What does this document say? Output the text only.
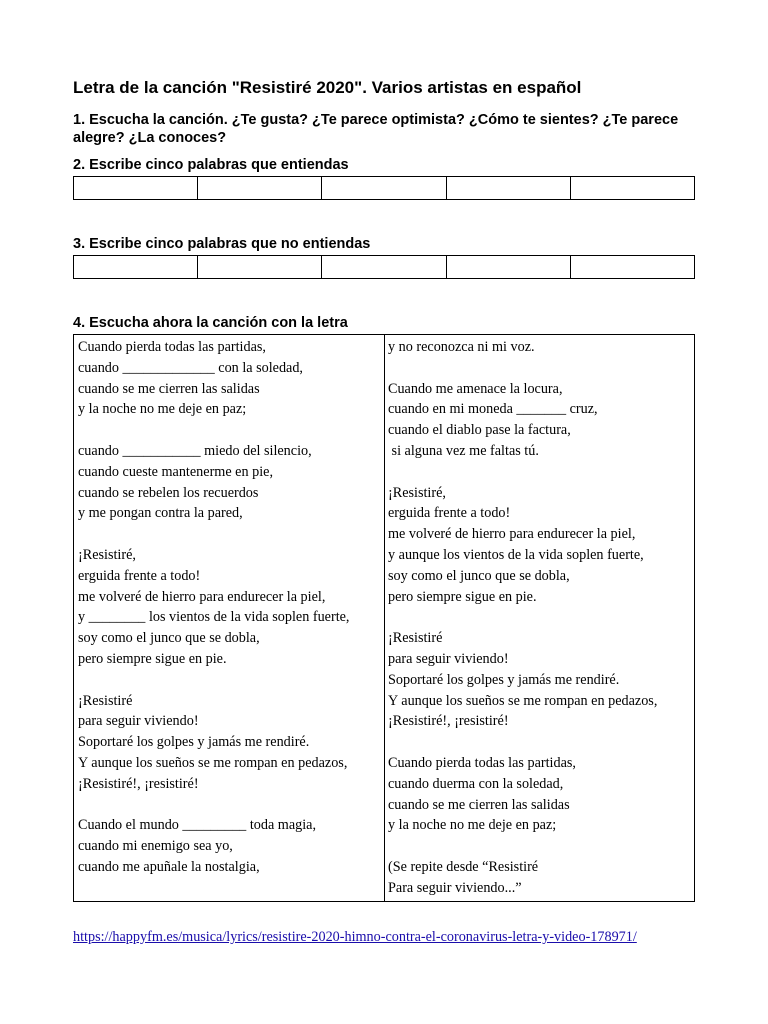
Letra de la canción "Resistiré 2020". Varios artistas en español
1. Escucha la canción. ¿Te gusta? ¿Te parece optimista? ¿Cómo te sientes? ¿Te parece alegre? ¿La conoces?
2. Escribe cinco palabras que entiendas
3. Escribe cinco palabras que no entiendas
4. Escucha ahora la canción con la letra
Cuando pierda todas las partidas,
cuando _____________ con la soledad,
cuando se me cierren las salidas
y la noche no me deje en paz;
cuando ___________ miedo del silencio,
cuando cueste mantenerme en pie,
cuando se rebelen los recuerdos
y me pongan contra la pared,
¡Resistiré,
erguida frente a todo!
me volveré de hierro para endurecer la piel,
y ________ los vientos de la vida soplen fuerte,
soy como el junco que se dobla,
pero siempre sigue en pie.
¡Resistiré
para seguir viviendo!
Soportaré los golpes y jamás me rendiré.
Y aunque los sueños se me rompan en pedazos,
¡Resistiré!, ¡resistiré!
Cuando el mundo _________ toda magia,
cuando mi enemigo sea yo,
cuando me apuñale la nostalgia,
y no reconozca ni mi voz.
Cuando me amenace la locura,
cuando en mi moneda _______ cruz,
cuando el diablo pase la factura,
si alguna vez me faltas tú.
¡Resistiré,
erguida frente a todo!
me volveré de hierro para endurecer la piel,
y aunque los vientos de la vida soplen fuerte,
soy como el junco que se dobla,
pero siempre sigue en pie.
¡Resistiré
para seguir viviendo!
Soportaré los golpes y jamás me rendiré.
Y aunque los sueños se me rompan en pedazos,
¡Resistiré!, ¡resistiré!
Cuando pierda todas las partidas,
cuando duerma con la soledad,
cuando se me cierren las salidas
y la noche no me deje en paz;
(Se repite desde “Resistiré
Para seguir viviendo...”
https://happyfm.es/musica/lyrics/resistire-2020-himno-contra-el-coronavirus-letra-y-video-178971/
